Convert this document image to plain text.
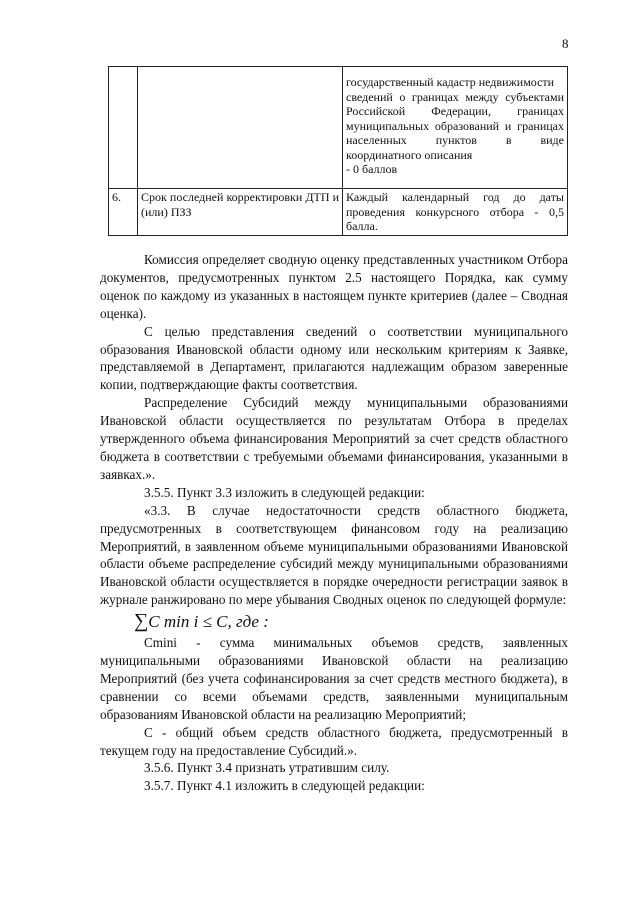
8

		государственный кадастр недвижимости
сведений о границах между субъектами Российской Федерации, границах муниципальных образований и границах населенных пунктов в виде координатного описания
- 0 баллов

6.	Срок последней корректировки ДТП и (или) ПЗЗ	Каждый календарный год до даты проведения конкурсного отбора - 0,5 балла.

Комиссия определяет сводную оценку представленных участником Отбора документов, предусмотренных пунктом 2.5 настоящего Порядка, как сумму оценок по каждому из указанных в настоящем пункте критериев (далее – Сводная оценка).

С целью представления сведений о соответствии муниципального образования Ивановской области одному или нескольким критериям к Заявке, представляемой в Департамент, прилагаются надлежащим образом заверенные копии, подтверждающие факты соответствия.

Распределение Субсидий между муниципальными образованиями Ивановской области осуществляется по результатам Отбора в пределах утвержденного объема финансирования Мероприятий за счет средств областного бюджета в соответствии с требуемыми объемами финансирования, указанными в заявках.».

3.5.5. Пункт 3.3 изложить в следующей редакции:

«3.3. В случае недостаточности средств областного бюджета, предусмотренных в соответствующем финансовом году на реализацию Мероприятий, в заявленном объеме муниципальными образованиями Ивановской области объеме распределение субсидий между муниципальными образованиями Ивановской области осуществляется в порядке очередности регистрации заявок в журнале ранжировано по мере убывания Сводных оценок по следующей формуле:

∑C min i ≤ C, где :

Cmini - сумма минимальных объемов средств, заявленных муниципальными образованиями Ивановской области на реализацию Мероприятий (без учета софинансирования за счет средств местного бюджета), в сравнении со всеми объемами средств, заявленными муниципальным образованиям Ивановской области на реализацию Мероприятий;

С - общий объем средств областного бюджета, предусмотренный в текущем году на предоставление Субсидий.».

3.5.6. Пункт 3.4 признать утратившим силу.

3.5.7. Пункт 4.1 изложить в следующей редакции:
